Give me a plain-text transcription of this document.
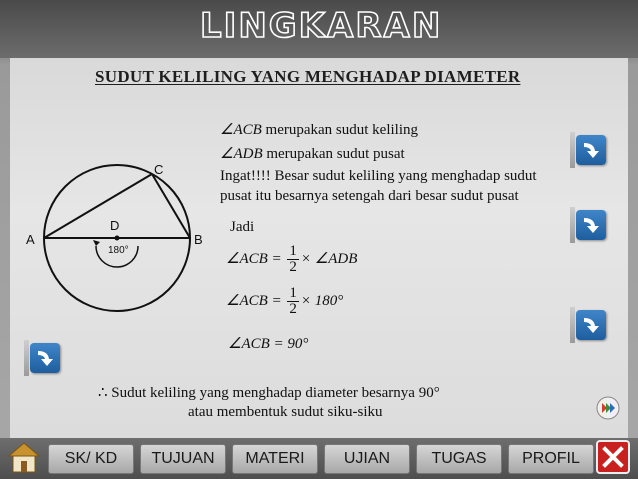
LINGKARAN
SUDUT KELILING YANG MENGHADAP DIAMETER
A	B
C
D
180°
∠ACB merupakan sudut keliling
∠ADB merupakan sudut pusat
Ingat!!!! Besar sudut keliling yang menghadap sudut
pusat itu besarnya setengah dari besar sudut pusat
Jadi
∠ACB = $\frac{1}{2}$ × ∠ADB
∠ACB = $\frac{1}{2} \times 180^\circ$
∠ACB = 90°
∴ Sudut keliling yang menghadap diameter besarnya 90°
atau membentuk sudut siku-siku
SK/ KD	TUJUAN	MATERI	UJIAN	TUGAS	PROFIL
